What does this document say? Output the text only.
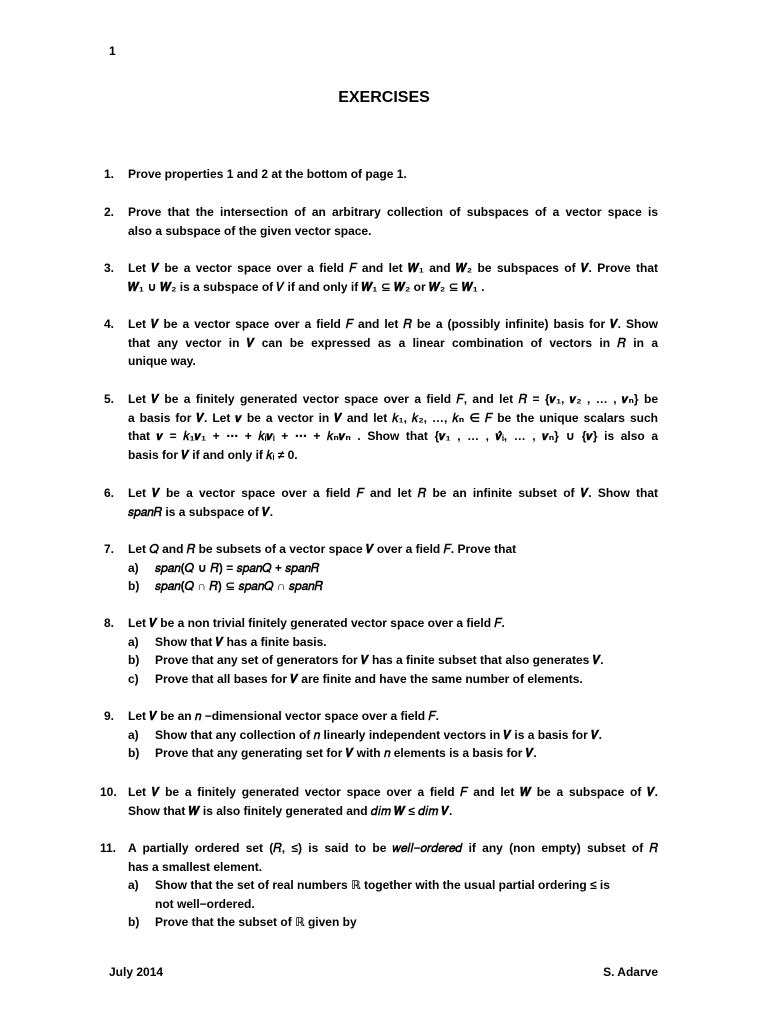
1
EXERCISES
1.	Prove properties 1 and 2 at the bottom of page 1.
2.	Prove that the intersection of an arbitrary collection of subspaces of a vector space is
also a subspace of the given vector space.
3.	Let 𝑽 be a vector space over a field 𝐹 and let 𝑾₁ and 𝑾₂ be subspaces of 𝑽. Prove that
𝑾₁ ∪ 𝑾₂ is a subspace of 𝑉 if and only if 𝑾₁ ⊆ 𝑾₂ or 𝑾₂ ⊆ 𝑾₁ .
4.	Let 𝑽 be a vector space over a field 𝐹 and let 𝑅 be a (possibly infinite) basis for 𝑽. Show
that any vector in 𝑽 can be expressed as a linear combination of vectors in 𝑅 in a
unique way.
5.	Let 𝑽 be a finitely generated vector space over a field 𝐹, and let 𝑅 = {𝒗₁, 𝒗₂ , … , 𝒗ₙ} be
a basis for 𝑽. Let 𝒗 be a vector in 𝑽 and let 𝑘₁, 𝑘₂, …, 𝑘ₙ ∈ 𝐹 be the unique scalars such
that 𝒗 = 𝑘₁𝒗₁ + ⋯ + 𝑘ᵢ𝒗ᵢ + ⋯ + 𝑘ₙ𝒗ₙ . Show that {𝒗₁ , … , 𝒗̂ᵢ, … , 𝒗ₙ} ∪ {𝒗} is also a
basis for 𝑽 if and only if 𝑘ᵢ ≠ 0.
6.	Let 𝑽 be a vector space over a field 𝐹 and let 𝑅 be an infinite subset of 𝑽. Show that
𝑠𝑝𝑎𝑛𝑅 is a subspace of 𝑽.
7.	Let 𝑄 and 𝑅 be subsets of a vector space 𝑽 over a field 𝐹. Prove that
a) 𝑠𝑝𝑎𝑛(𝑄 ∪ 𝑅) = 𝑠𝑝𝑎𝑛𝑄 + 𝑠𝑝𝑎𝑛𝑅
b) 𝑠𝑝𝑎𝑛(𝑄 ∩ 𝑅) ⊆ 𝑠𝑝𝑎𝑛𝑄 ∩ 𝑠𝑝𝑎𝑛𝑅
8.	Let 𝑽 be a non trivial finitely generated vector space over a field 𝐹.
a) Show that 𝑽 has a finite basis.
b) Prove that any set of generators for 𝑽 has a finite subset that also generates 𝑽.
c) Prove that all bases for 𝑽 are finite and have the same number of elements.
9.	Let 𝑽 be an 𝑛 −dimensional vector space over a field 𝐹.
a) Show that any collection of 𝑛 linearly independent vectors in 𝑽 is a basis for 𝑽.
b) Prove that any generating set for 𝑽 with 𝑛 elements is a basis for 𝑽.
10. Let 𝑽 be a finitely generated vector space over a field 𝐹 and let 𝑾 be a subspace of 𝑽.
Show that 𝑾 is also finitely generated and 𝑑𝑖𝑚 𝑾 ≤ 𝑑𝑖𝑚 𝑽.
11. A partially ordered set (𝑅, ≤) is said to be 𝑤𝑒𝑙𝑙−𝑜𝑟𝑑𝑒𝑟𝑒𝑑 if any (non empty) subset of 𝑅
has a smallest element.
a) Show that the set of real numbers ℝ together with the usual partial ordering ≤ is
not well−ordered.
b) Prove that the subset of ℝ given by
July 2014	S. Adarve
